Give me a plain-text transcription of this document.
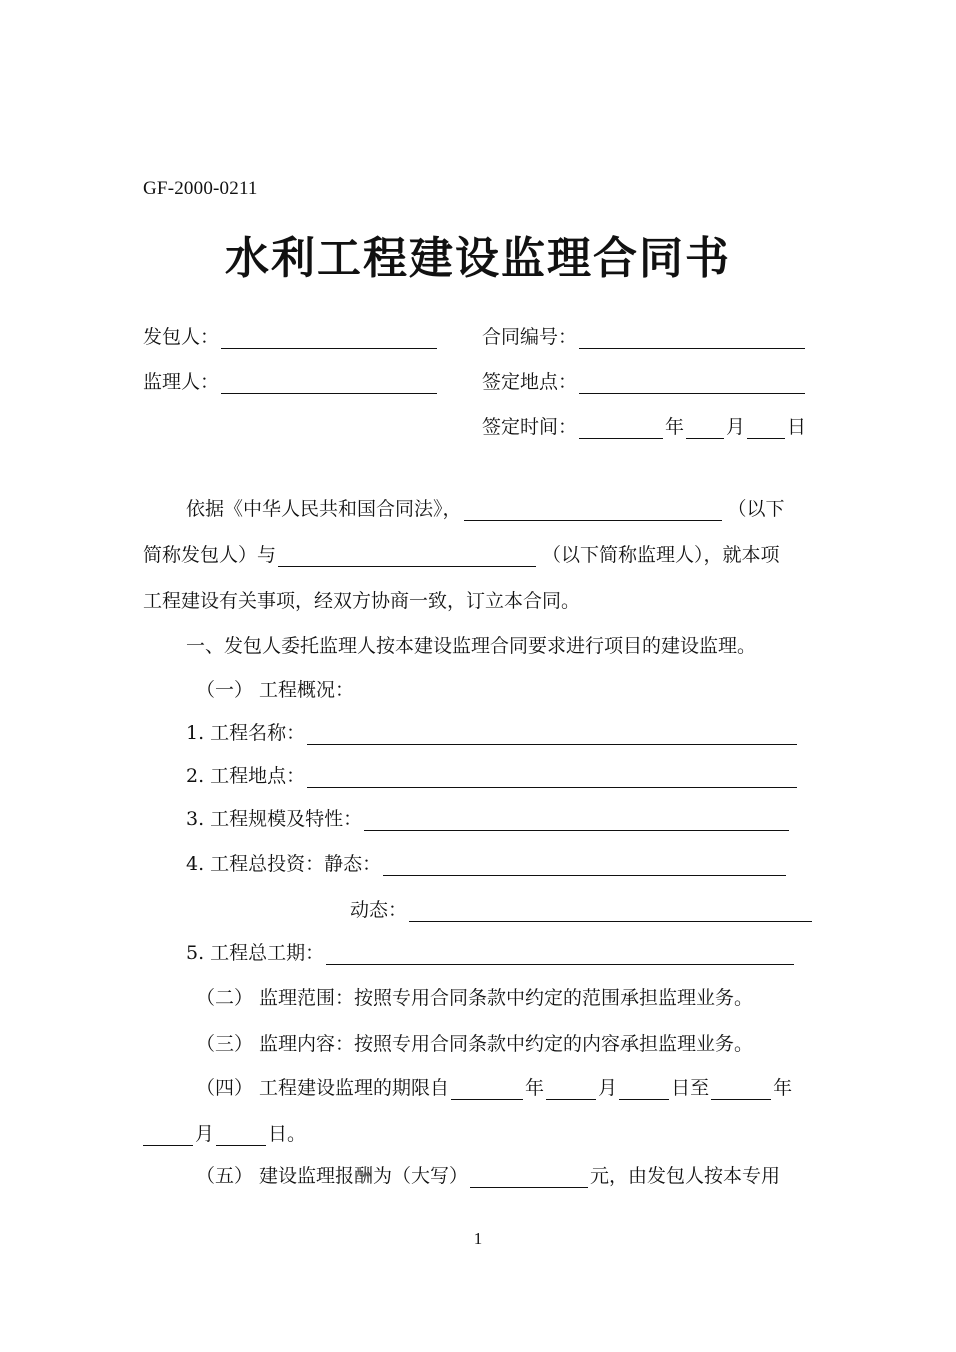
GF-2000-0211
水利工程建设监理合同书
发包人：	合同编号：
监理人：	签定地点：
签定时间：	年 月 日
依据《中华人民共和国合同法》，	（以下
简称发包人）与	（以下简称监理人），就本项
工程建设有关事项，经双方协商一致，订立本合同。
一、发包人委托监理人按本建设监理合同要求进行项目的建设监理。
（一） 工程概况：
1. 工程名称：
2. 工程地点：
3. 工程规模及特性：
4. 工程总投资：静态：
动态：
5. 工程总工期：
（二） 监理范围：按照专用合同条款中约定的范围承担监理业务。
（三） 监理内容：按照专用合同条款中约定的内容承担监理业务。
（四） 工程建设监理的期限自	年	月	日至	年
月	日。
（五） 建设监理报酬为（大写）	元，由发包人按本专用
1
